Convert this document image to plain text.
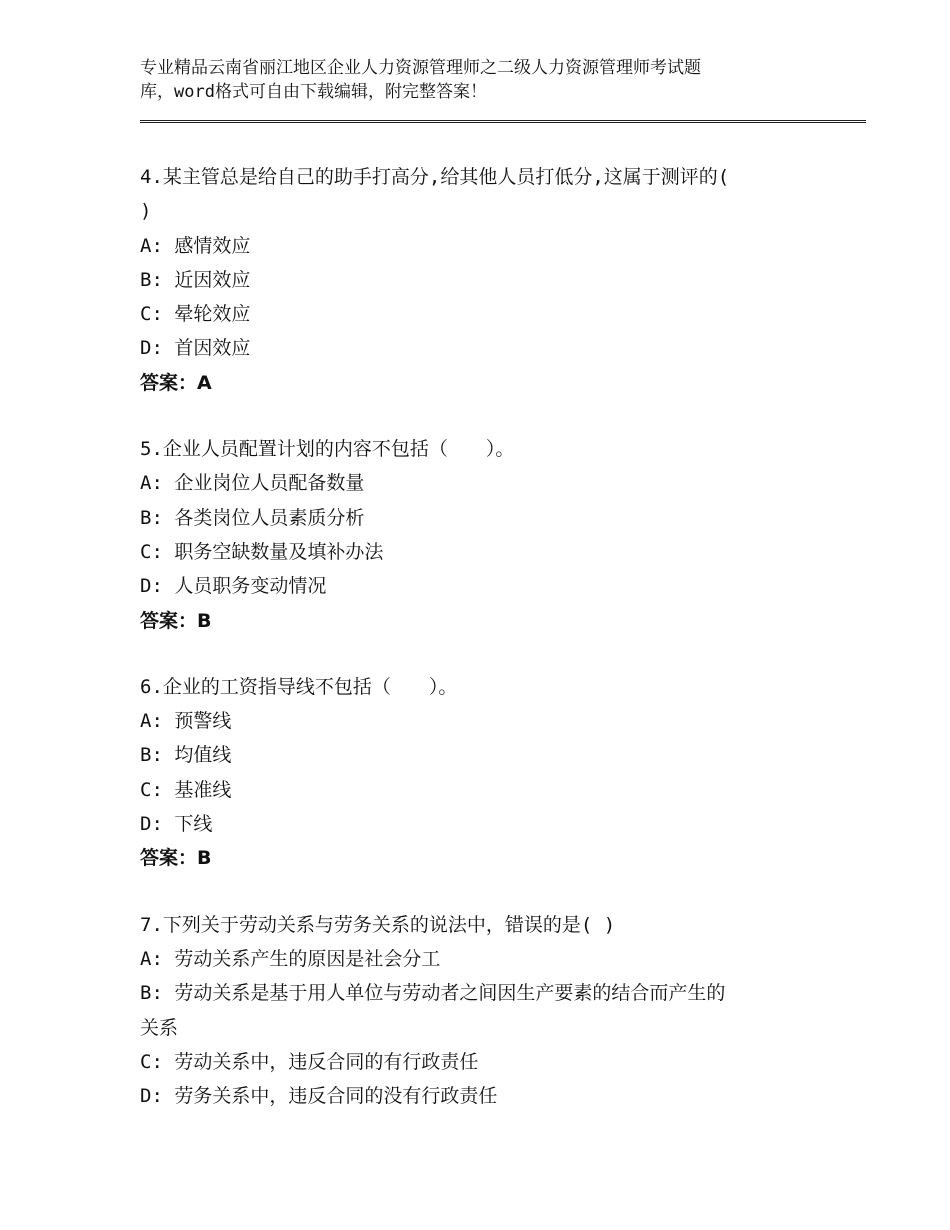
专业精品云南省丽江地区企业人力资源管理师之二级人力资源管理师考试题
库，word格式可自由下载编辑，附完整答案！
4.某主管总是给自己的助手打高分,给其他人员打低分,这属于测评的(
)
A: 感情效应
B: 近因效应
C: 晕轮效应
D: 首因效应
答案：A
5.企业人员配置计划的内容不包括（　　）。
A: 企业岗位人员配备数量
B: 各类岗位人员素质分析
C: 职务空缺数量及填补办法
D: 人员职务变动情况
答案：B
6.企业的工资指导线不包括（　　）。
A: 预警线
B: 均值线
C: 基准线
D: 下线
答案：B
7.下列关于劳动关系与劳务关系的说法中，错误的是( )
A: 劳动关系产生的原因是社会分工
B: 劳动关系是基于用人单位与劳动者之间因生产要素的结合而产生的
关系
C: 劳动关系中，违反合同的有行政责任
D: 劳务关系中，违反合同的没有行政责任
